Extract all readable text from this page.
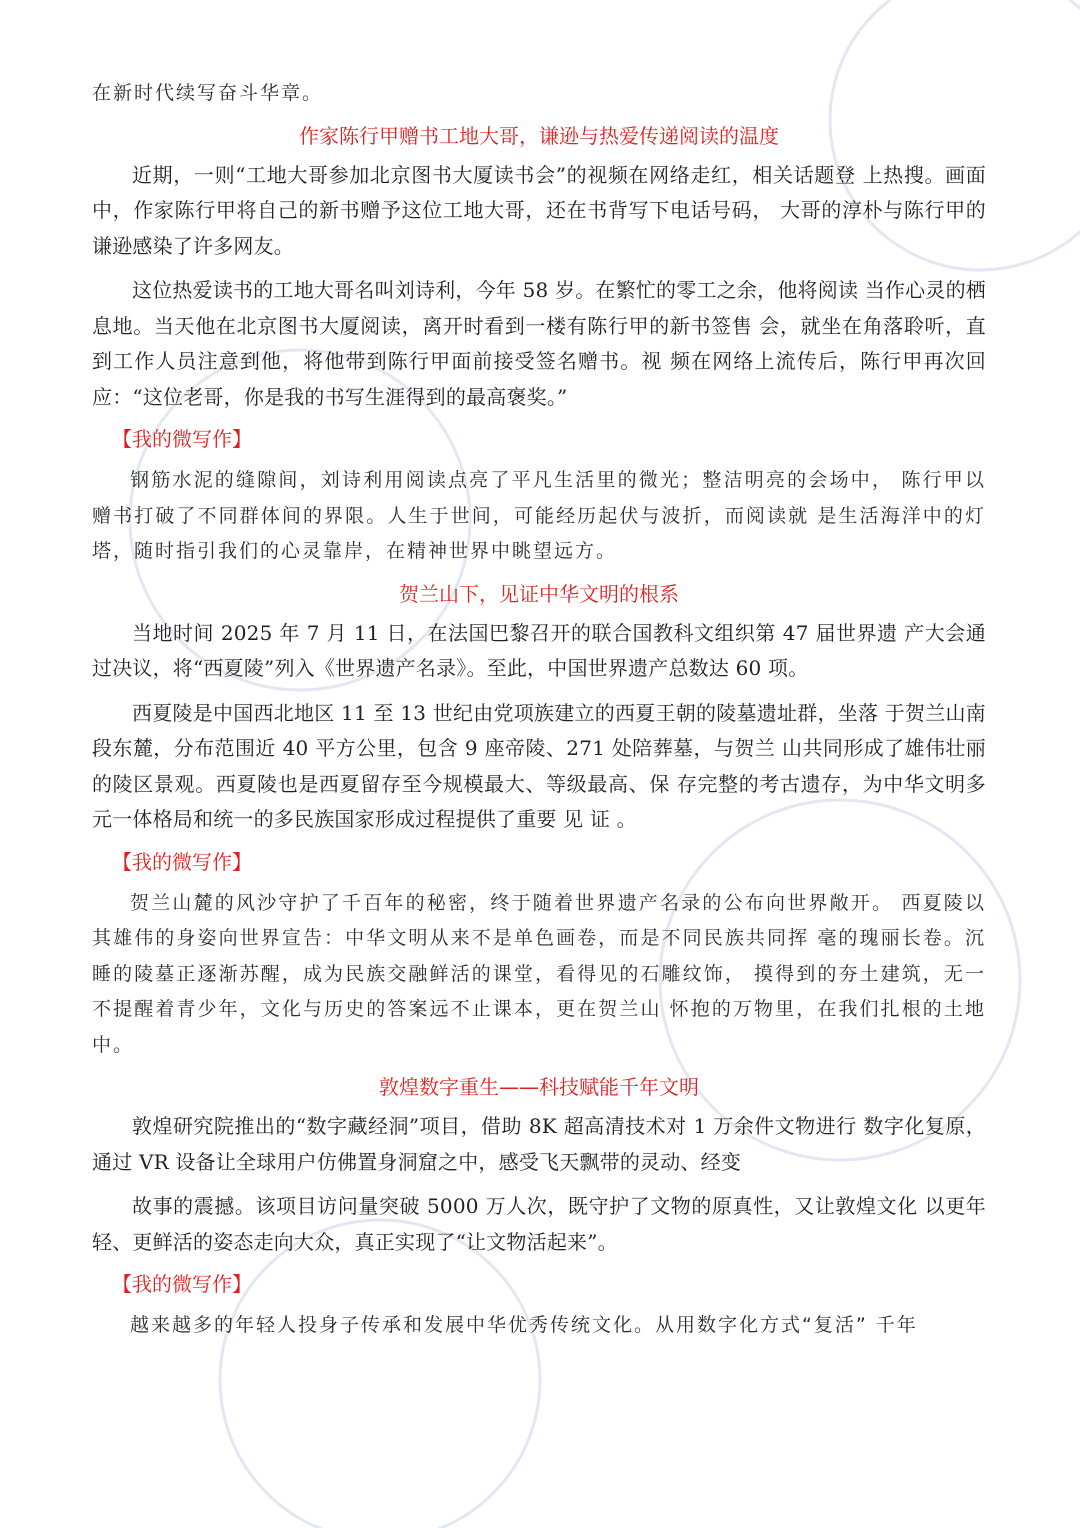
在新时代续写奋斗华章。

作家陈行甲赠书工地大哥，谦逊与热爱传递阅读的温度

近期，一则“工地大哥参加北京图书大厦读书会”的视频在网络走红，相关话题登 上热搜。画面中，作家陈行甲将自己的新书赠予这位工地大哥，还在书背写下电话号码， 大哥的淳朴与陈行甲的谦逊感染了许多网友。

这位热爱读书的工地大哥名叫刘诗利，今年 58 岁。在繁忙的零工之余，他将阅读 当作心灵的栖息地。当天他在北京图书大厦阅读，离开时看到一楼有陈行甲的新书签售 会，就坐在角落聆听，直到工作人员注意到他，将他带到陈行甲面前接受签名赠书。视 频在网络上流传后，陈行甲再次回应：“这位老哥，你是我的书写生涯得到的最高褒奖。”

【我的微写作】

钢筋水泥的缝隙间，刘诗利用阅读点亮了平凡生活里的微光；整洁明亮的会场中， 陈行甲以赠书打破了不同群体间的界限。人生于世间，可能经历起伏与波折，而阅读就 是生活海洋中的灯塔，随时指引我们的心灵靠岸，在精神世界中眺望远方。

贺兰山下，见证中华文明的根系

当地时间 2025 年 7 月 11 日，在法国巴黎召开的联合国教科文组织第 47 届世界遗 产大会通过决议，将“西夏陵”列入《世界遗产名录》。至此，中国世界遗产总数达 60 项。

西夏陵是中国西北地区 11 至 13 世纪由党项族建立的西夏王朝的陵墓遗址群，坐落 于贺兰山南段东麓，分布范围近 40 平方公里，包含 9 座帝陵、271 处陪葬墓，与贺兰 山共同形成了雄伟壮丽的陵区景观。西夏陵也是西夏留存至今规模最大、等级最高、保 存完整的考古遗存，为中华文明多元一体格局和统一的多民族国家形成过程提供了重要 见 证 。

【我的微写作】

贺兰山麓的风沙守护了千百年的秘密，终于随着世界遗产名录的公布向世界敞开。 西夏陵以其雄伟的身姿向世界宣告：中华文明从来不是单色画卷，而是不同民族共同挥 毫的瑰丽长卷。沉睡的陵墓正逐渐苏醒，成为民族交融鲜活的课堂，看得见的石雕纹饰， 摸得到的夯土建筑，无一不提醒着青少年，文化与历史的答案远不止课本，更在贺兰山 怀抱的万物里，在我们扎根的土地中。

敦煌数字重生——科技赋能千年文明

敦煌研究院推出的“数字藏经洞”项目，借助 8K 超高清技术对 1 万余件文物进行 数字化复原，通过 VR 设备让全球用户仿佛置身洞窟之中，感受飞天飘带的灵动、经变

故事的震撼。该项目访问量突破 5000 万人次，既守护了文物的原真性，又让敦煌文化 以更年轻、更鲜活的姿态走向大众，真正实现了“让文物活起来”。

【我的微写作】

越来越多的年轻人投身子传承和发展中华优秀传统文化。从用数字化方式“复活” 千年
